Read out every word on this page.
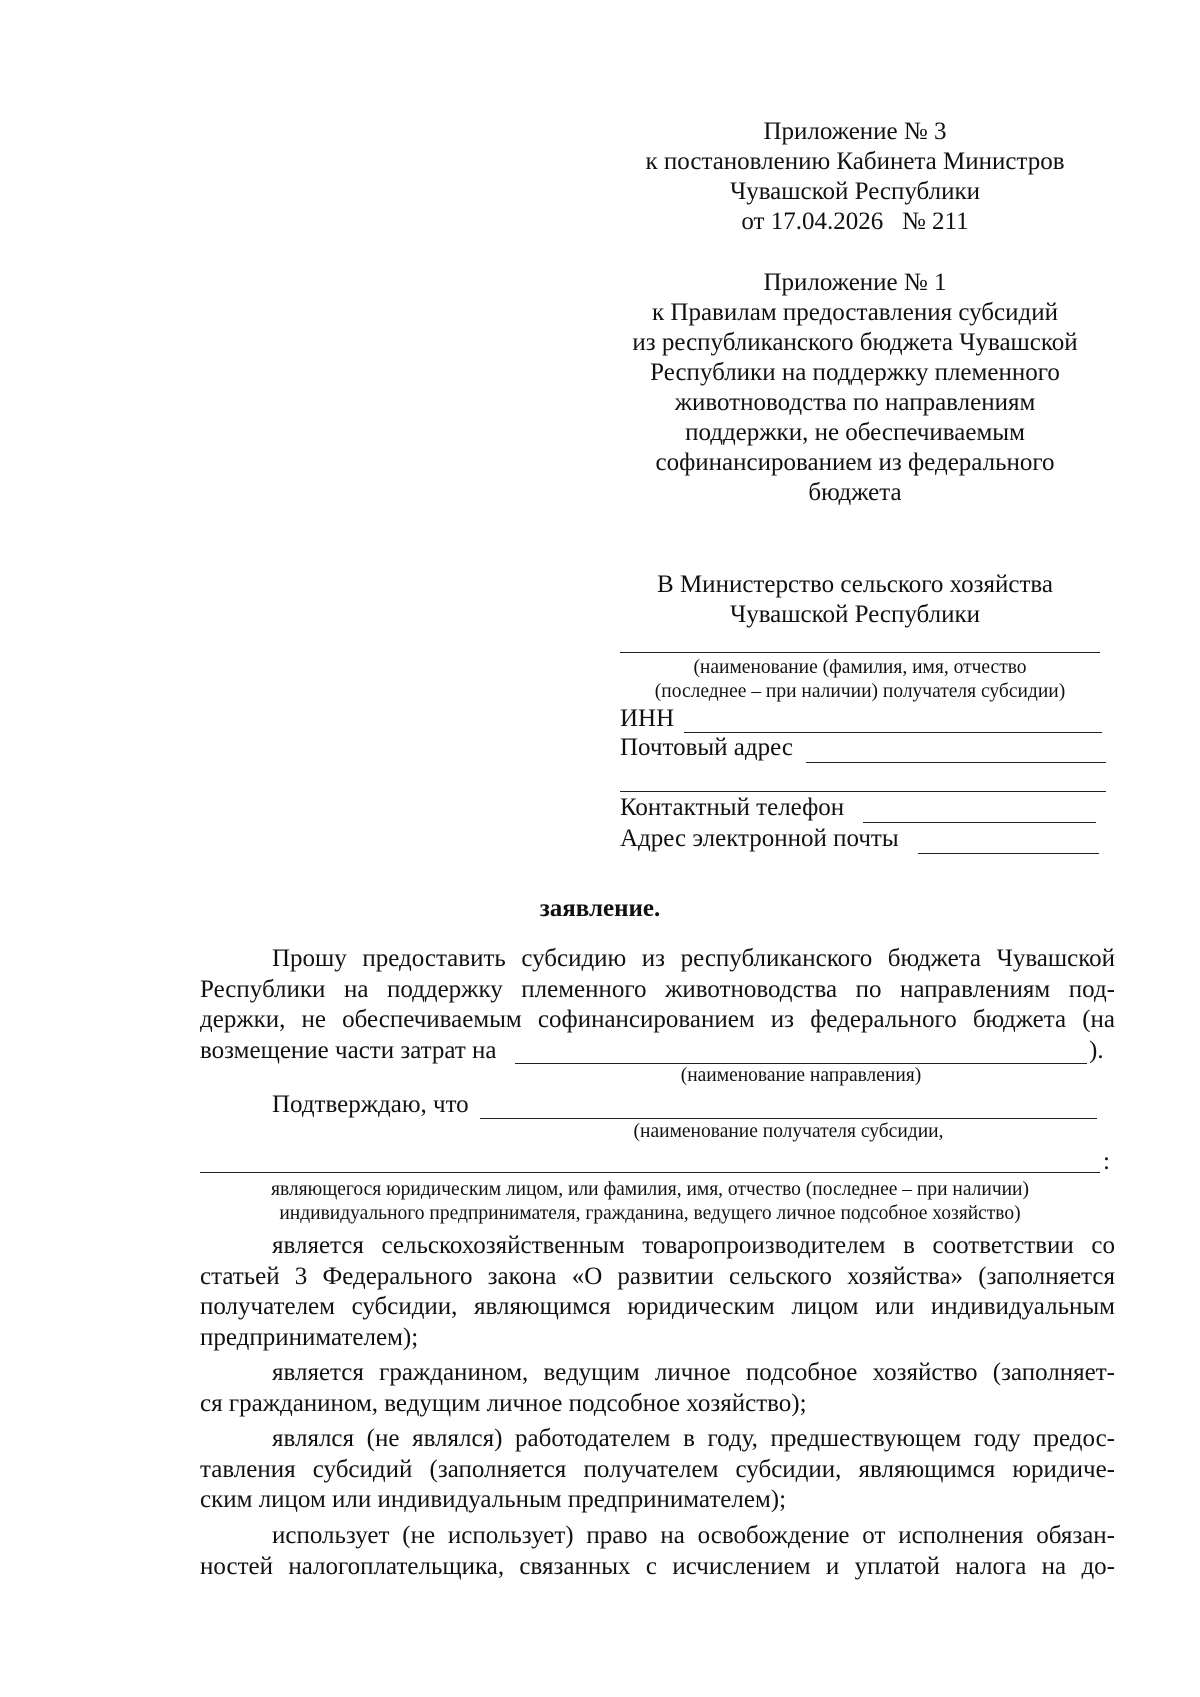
Приложение № 3
к постановлению Кабинета Министров
Чувашской Республики
от 17.04.2026   № 211
Приложение № 1
к Правилам предоставления субсидий
из республиканского бюджета Чувашской
Республики на поддержку племенного
животноводства по направлениям
поддержки, не обеспечиваемым
софинансированием из федерального
бюджета
В Министерство сельского хозяйства
Чувашской Республики
(наименование (фамилия, имя, отчество
(последнее – при наличии) получателя субсидии)
ИНН
Почтовый адрес
Контактный телефон
Адрес электронной почты
заявление.
Прошу предоставить субсидию из республиканского бюджета Чувашской
Республики на поддержку племенного животноводства по направлениям под-
держки, не обеспечиваемым софинансированием из федерального бюджета (на
возмещение части затрат на	).
(наименование направления)
Подтверждаю, что
(наименование получателя субсидии,
:
являющегося юридическим лицом, или фамилия, имя, отчество (последнее – при наличии)
индивидуального предпринимателя, гражданина, ведущего личное подсобное хозяйство)
является сельскохозяйственным товаропроизводителем в соответствии со
статьей 3 Федерального закона «О развитии сельского хозяйства» (заполняется
получателем субсидии, являющимся юридическим лицом или индивидуальным
предпринимателем);
является гражданином, ведущим личное подсобное хозяйство (заполняет-
ся гражданином, ведущим личное подсобное хозяйство);
являлся (не являлся) работодателем в году, предшествующем году предос-
тавления субсидий (заполняется получателем субсидии, являющимся юридиче-
ским лицом или индивидуальным предпринимателем);
использует (не использует) право на освобождение от исполнения обязан-
ностей налогоплательщика, связанных с исчислением и уплатой налога на до-
